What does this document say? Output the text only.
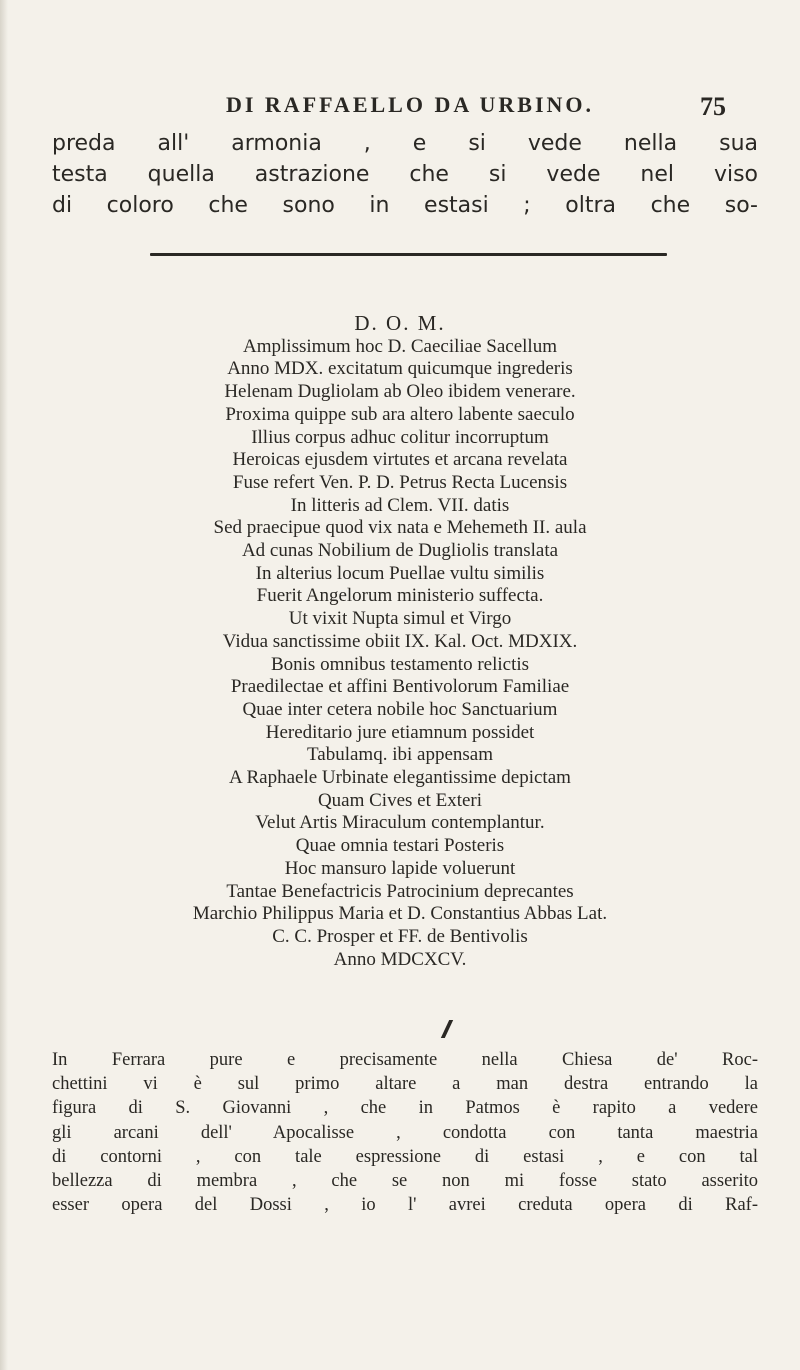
DI RAFFAELLO DA URBINO.	75
preda all' armonia , e si vede nella sua
testa quella astrazione che si vede nel viso
di coloro che sono in estasi ; oltra che so-
D. O. M.
Amplissimum hoc D. Caeciliae Sacellum
Anno MDX. excitatum quicumque ingrederis
Helenam Dugliolam ab Oleo ibidem venerare.
Proxima quippe sub ara altero labente saeculo
Illius corpus adhuc colitur incorruptum
Heroicas ejusdem virtutes et arcana revelata
Fuse refert Ven. P. D. Petrus Recta Lucensis
In litteris ad Clem. VII. datis
Sed praecipue quod vix nata e Mehemeth II. aula
Ad cunas Nobilium de Dugliolis translata
In alterius locum Puellae vultu similis
Fuerit Angelorum ministerio suffecta.
Ut vixit Nupta simul et Virgo
Vidua sanctissime obiit IX. Kal. Oct. MDXIX.
Bonis omnibus testamento relictis
Praedilectae et affini Bentivolorum Familiae
Quae inter cetera nobile hoc Sanctuarium
Hereditario jure etiamnum possidet
Tabulamq. ibi appensam
A Raphaele Urbinate elegantissime depictam
Quam Cives et Exteri
Velut Artis Miraculum contemplantur.
Quae omnia testari Posteris
Hoc mansuro lapide voluerunt
Tantae Benefactricis Patrocinium deprecantes
Marchio Philippus Maria et D. Constantius Abbas Lat.
C. C. Prosper et FF. de Bentivolis
Anno MDCXCV.
In Ferrara pure e precisamente nella Chiesa de' Roc-
chettini vi è sul primo altare a man destra entrando la
figura di S. Giovanni , che in Patmos è rapito a vedere
gli arcani dell' Apocalisse , condotta con tanta maestria
di contorni , con tale espressione di estasi , e con tal
bellezza di membra , che se non mi fosse stato asserito
esser opera del Dossi , io l' avrei creduta opera di Raf-
